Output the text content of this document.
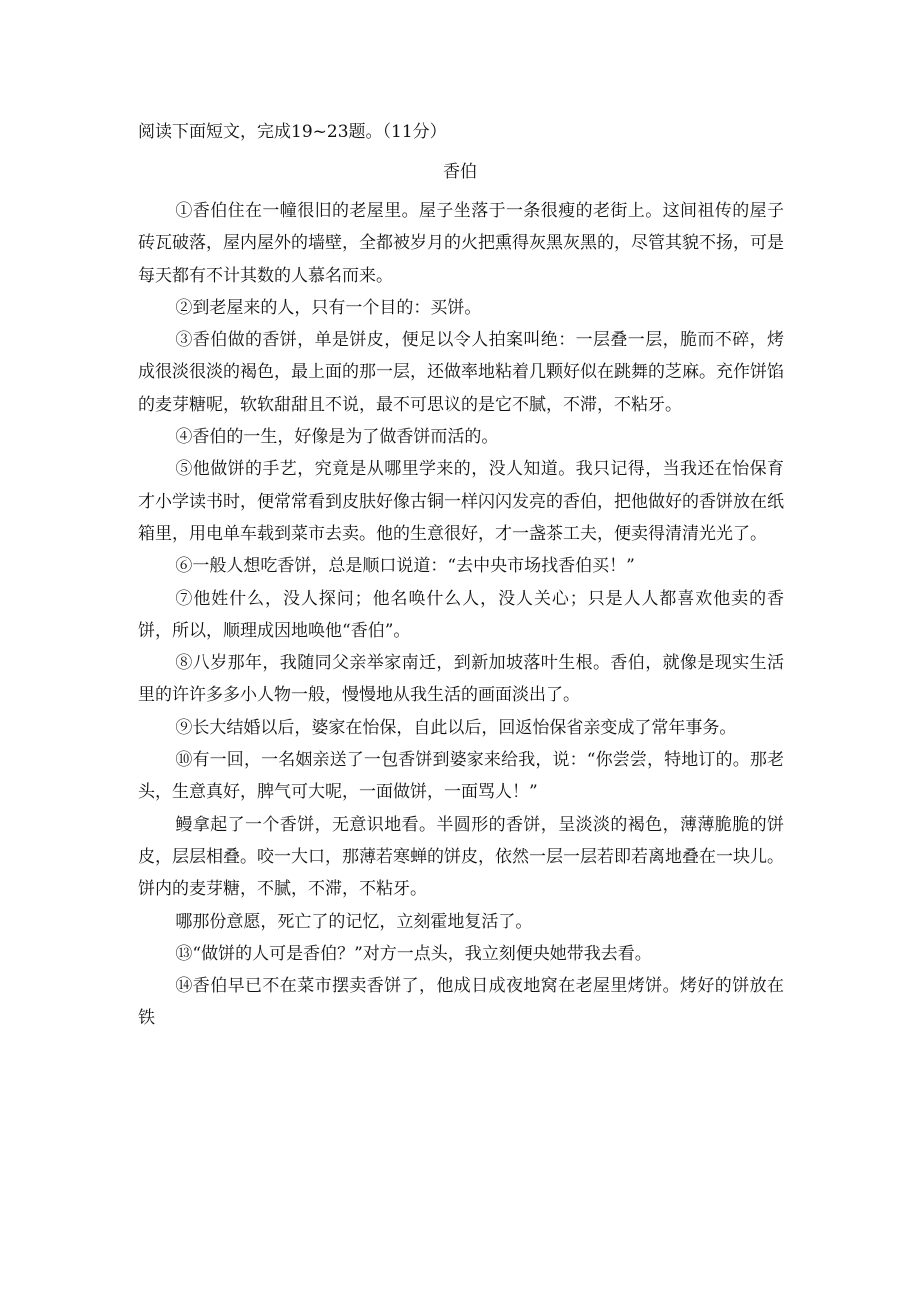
阅读下面短文，完成19~23题。（11分）
香伯

①香伯住在一幢很旧的老屋里。屋子坐落于一条很瘦的老街上。这间祖传的屋子砖瓦破落，屋内屋外的墙壁，全都被岁月的火把熏得灰黑灰黑的，尽管其貌不扬，可是每天都有不计其数的人慕名而来。

②到老屋来的人，只有一个目的：买饼。

③香伯做的香饼，单是饼皮，便足以令人拍案叫绝：一层叠一层，脆而不碎，烤成很淡很淡的褐色，最上面的那一层，还做率地粘着几颗好似在跳舞的芝麻。充作饼馅的麦芽糖呢，软软甜甜且不说，最不可思议的是它不腻，不滞，不粘牙。

④香伯的一生，好像是为了做香饼而活的。

⑤他做饼的手艺，究竟是从哪里学来的，没人知道。我只记得，当我还在怡保育才小学读书时，便常常看到皮肤好像古铜一样闪闪发亮的香伯，把他做好的香饼放在纸箱里，用电单车载到菜市去卖。他的生意很好，才一盏茶工夫，便卖得清清光光了。

⑥一般人想吃香饼，总是顺口说道：“去中央市场找香伯买！”

⑦他姓什么，没人探问；他名唤什么人，没人关心；只是人人都喜欢他卖的香饼，所以，顺理成因地唤他“香伯”。

⑧八岁那年，我随同父亲举家南迁，到新加坡落叶生根。香伯，就像是现实生活里的许许多多小人物一般，慢慢地从我生活的画面淡出了。

⑨长大结婚以后，婆家在怡保，自此以后，回返怡保省亲变成了常年事务。

⑩有一回，一名姻亲送了一包香饼到婆家来给我，说：“你尝尝，特地订的。那老头，生意真好，脾气可大呢，一面做饼，一面骂人！”

鳗拿起了一个香饼，无意识地看。半圆形的香饼，呈淡淡的褐色，薄薄脆脆的饼皮，层层相叠。咬一大口，那薄若寒蝉的饼皮，依然一层一层若即若离地叠在一块儿。饼内的麦芽糖，不腻，不滞，不粘牙。

哪那份意愿，死亡了的记忆，立刻霍地复活了。

⑬“做饼的人可是香伯？”对方一点头，我立刻便央她带我去看。

⑭香伯早已不在菜市摆卖香饼了，他成日成夜地窝在老屋里烤饼。烤好的饼放在铁
